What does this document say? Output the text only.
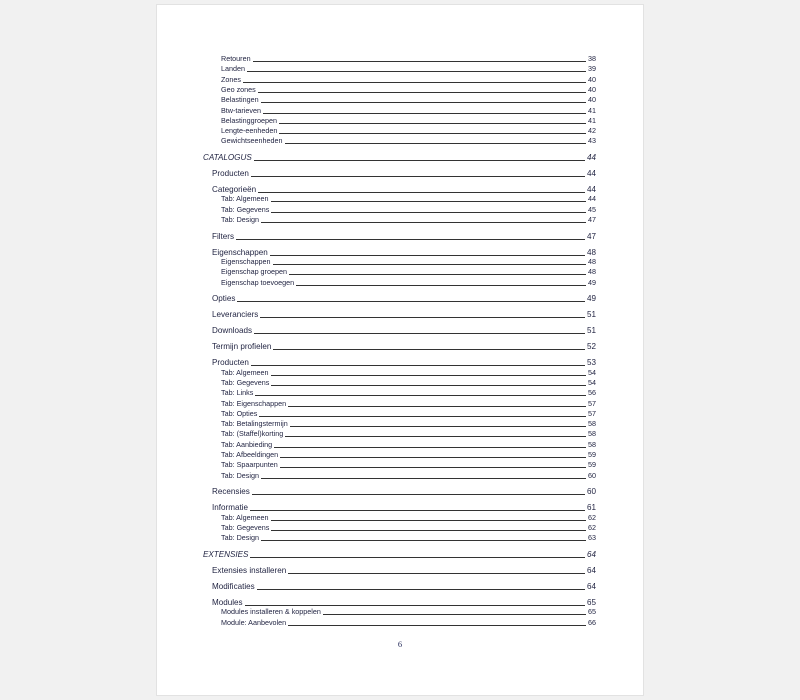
Retouren	38
Landen	39
Zones	40
Geo zones	40
Belastingen	40
Btw-tarieven	41
Belastinggroepen	41
Lengte-eenheden	42
Gewichtseenheden	43
CATALOGUS	44
Producten	44
Categorieën	44
Tab: Algemeen	44
Tab: Gegevens	45
Tab: Design	47
Filters	47
Eigenschappen	48
Eigenschappen	48
Eigenschap groepen	48
Eigenschap toevoegen	49
Opties	49
Leveranciers	51
Downloads	51
Termijn profielen	52
Producten	53
Tab: Algemeen	54
Tab: Gegevens	54
Tab: Links	56
Tab: Eigenschappen	57
Tab: Opties	57
Tab: Betalingstermijn	58
Tab: (Staffel)korting	58
Tab: Aanbieding	58
Tab: Afbeeldingen	59
Tab: Spaarpunten	59
Tab: Design	60
Recensies	60
Informatie	61
Tab: Algemeen	62
Tab: Gegevens	62
Tab: Design	63
EXTENSIES	64
Extensies installeren	64
Modificaties	64
Modules	65
Modules installeren & koppelen	65
Module: Aanbevolen	66
6
